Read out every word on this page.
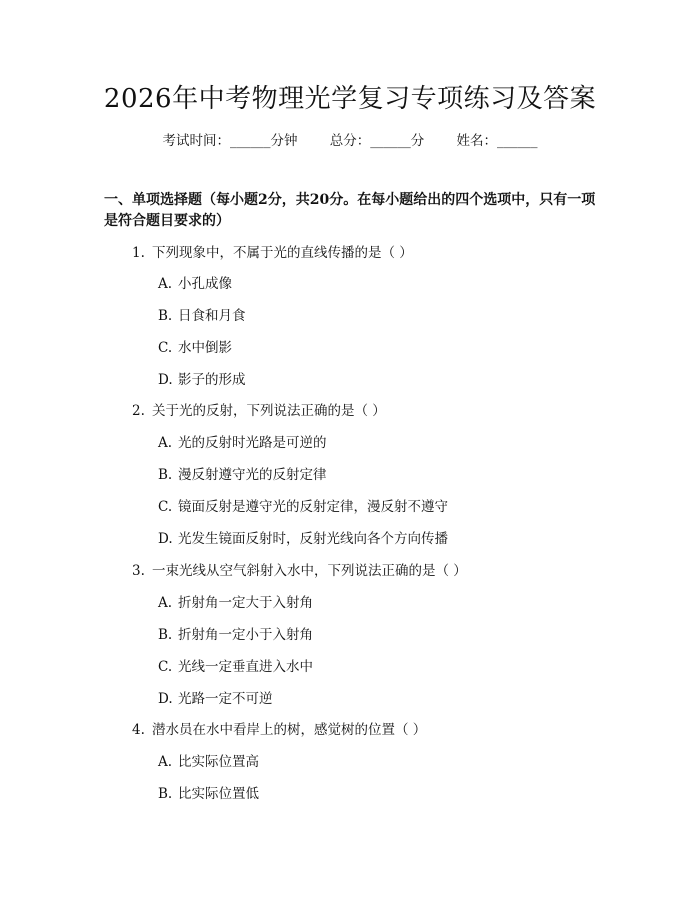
2026年中考物理光学复习专项练习及答案
考试时间：______分钟 总分：______分 姓名：______
一、单项选择题（每小题2分，共20分。在每小题给出的四个选项中，只有一项是符合题目要求的）
1. 下列现象中，不属于光的直线传播的是（ ）
A. 小孔成像
B. 日食和月食
C. 水中倒影
D. 影子的形成
2. 关于光的反射，下列说法正确的是（ ）
A. 光的反射时光路是可逆的
B. 漫反射遵守光的反射定律
C. 镜面反射是遵守光的反射定律，漫反射不遵守
D. 光发生镜面反射时，反射光线向各个方向传播
3. 一束光线从空气斜射入水中，下列说法正确的是（ ）
A. 折射角一定大于入射角
B. 折射角一定小于入射角
C. 光线一定垂直进入水中
D. 光路一定不可逆
4. 潜水员在水中看岸上的树，感觉树的位置（ ）
A. 比实际位置高
B. 比实际位置低
